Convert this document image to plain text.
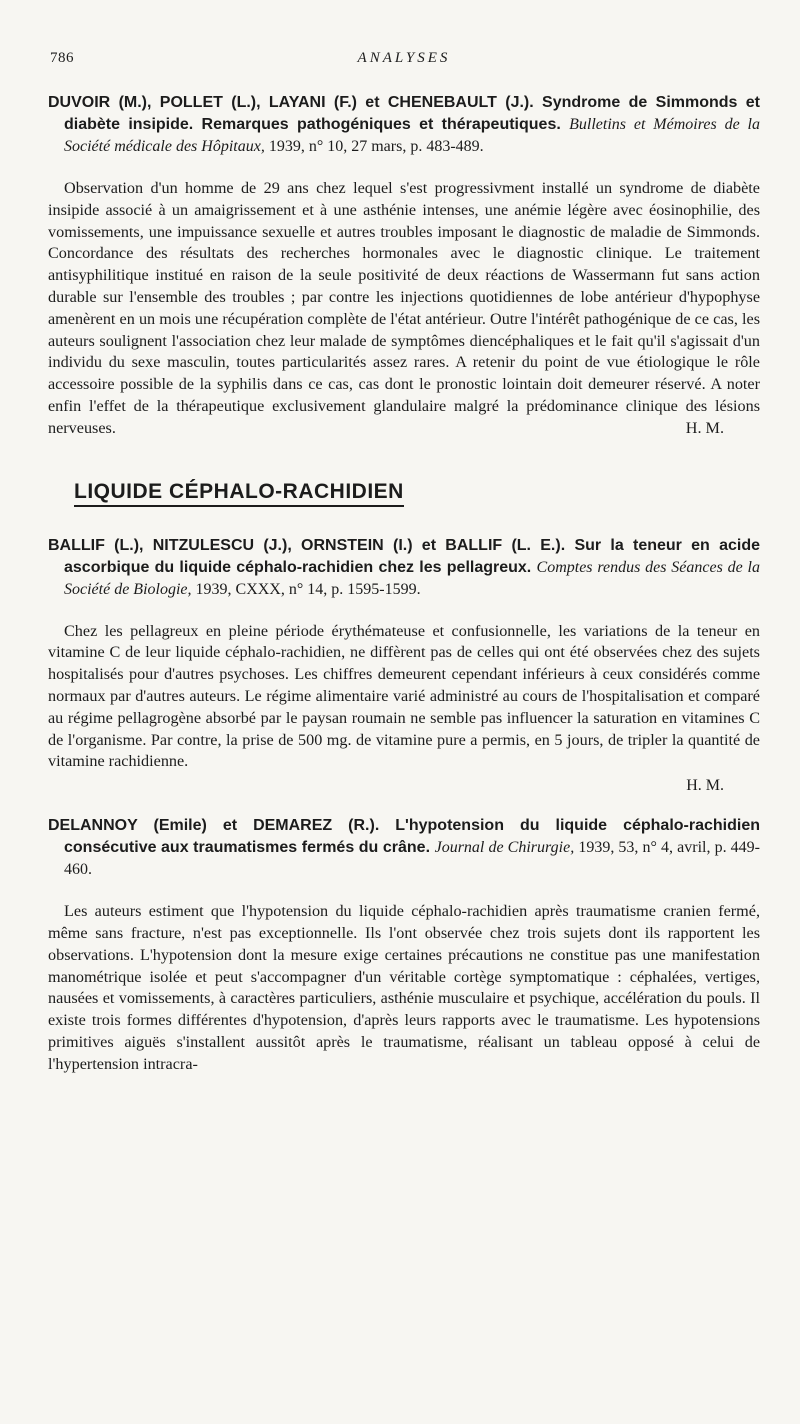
786	ANALYSES

DUVOIR (M.), POLLET (L.), LAYANI (F.) et CHENEBAULT (J.). Syndrome de Simmonds et diabète insipide. Remarques pathogéniques et thérapeutiques. Bulletins et Mémoires de la Société médicale des Hôpitaux, 1939, n° 10, 27 mars, p. 483-489.

Observation d'un homme de 29 ans chez lequel s'est progressivment installé un syndrome de diabète insipide associé à un amaigrissement et à une asthénie intenses, une anémie légère avec éosinophilie, des vomissements, une impuissance sexuelle et autres troubles imposant le diagnostic de maladie de Simmonds. Concordance des résultats des recherches hormonales avec le diagnostic clinique. Le traitement antisyphilitique institué en raison de la seule positivité de deux réactions de Wassermann fut sans action durable sur l'ensemble des troubles ; par contre les injections quotidiennes de lobe antérieur d'hypophyse amenèrent en un mois une récupération complète de l'état antérieur. Outre l'intérêt pathogénique de ce cas, les auteurs soulignent l'association chez leur malade de symptômes diencéphaliques et le fait qu'il s'agissait d'un individu du sexe masculin, toutes particularités assez rares. A retenir du point de vue étiologique le rôle accessoire possible de la syphilis dans ce cas, cas dont le pronostic lointain doit demeurer réservé. A noter enfin l'effet de la thérapeutique exclusivement glandulaire malgré la prédominance clinique des lésions nerveuses.	H. M.

LIQUIDE CÉPHALO-RACHIDIEN

BALLIF (L.), NITZULESCU (J.), ORNSTEIN (I.) et BALLIF (L. E.). Sur la teneur en acide ascorbique du liquide céphalo-rachidien chez les pellagreux. Comptes rendus des Séances de la Société de Biologie, 1939, CXXX, n° 14, p. 1595-1599.

Chez les pellagreux en pleine période érythémateuse et confusionnelle, les variations de la teneur en vitamine C de leur liquide céphalo-rachidien, ne diffèrent pas de celles qui ont été observées chez des sujets hospitalisés pour d'autres psychoses. Les chiffres demeurent cependant inférieurs à ceux considérés comme normaux par d'autres auteurs. Le régime alimentaire varié administré au cours de l'hospitalisation et comparé au régime pellagrogène absorbé par le paysan roumain ne semble pas influencer la saturation en vitamines C de l'organisme. Par contre, la prise de 500 mg. de vitamine pure a permis, en 5 jours, de tripler la quantité de vitamine rachidienne.

H. M.

DELANNOY (Emile) et DEMAREZ (R.). L'hypotension du liquide céphalo-rachidien consécutive aux traumatismes fermés du crâne. Journal de Chirurgie, 1939, 53, n° 4, avril, p. 449-460.

Les auteurs estiment que l'hypotension du liquide céphalo-rachidien après traumatisme cranien fermé, même sans fracture, n'est pas exceptionnelle. Ils l'ont observée chez trois sujets dont ils rapportent les observations. L'hypotension dont la mesure exige certaines précautions ne constitue pas une manifestation manométrique isolée et peut s'accompagner d'un véritable cortège symptomatique : céphalées, vertiges, nausées et vomissements, à caractères particuliers, asthénie musculaire et psychique, accélération du pouls. Il existe trois formes différentes d'hypotension, d'après leurs rapports avec le traumatisme. Les hypotensions primitives aiguës s'installent aussitôt après le traumatisme, réalisant un tableau opposé à celui de l'hypertension intracra-
